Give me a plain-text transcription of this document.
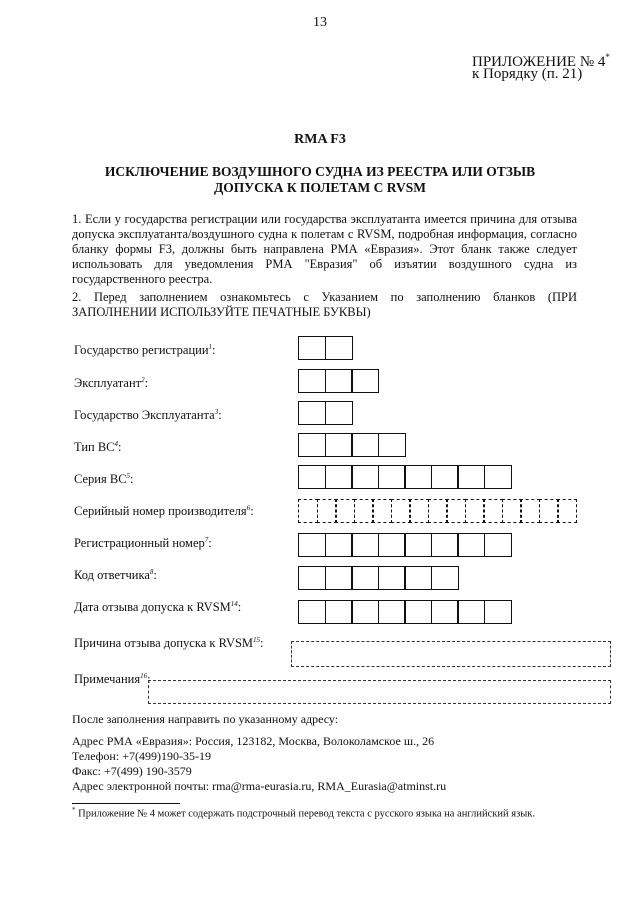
13
ПРИЛОЖЕНИЕ № 4*
к Порядку (п. 21)
RMA F3
ИСКЛЮЧЕНИЕ ВОЗДУШНОГО СУДНА ИЗ РЕЕСТРА ИЛИ ОТЗЫВ
ДОПУСКА К ПОЛЕТАМ С RVSM
1. Если у государства регистрации или государства эксплуатанта имеется причина для отзыва допуска эксплуатанта/воздушного судна к полетам с RVSM, подробная информация, согласно бланку формы F3, должны быть направлена РМА «Евразия». Этот бланк также следует использовать для уведомления РМА "Евразия" об изъятии воздушного судна из государственного реестра.
2. Перед заполнением ознакомьтесь с Указанием по заполнению бланков (ПРИ ЗАПОЛНЕНИИ ИСПОЛЬЗУЙТЕ ПЕЧАТНЫЕ БУКВЫ)
Государство регистрации$^1$:
Эксплуатант$^2$:
Государство Эксплуатанта$^3$:
Тип $ВС^4$:
Серия $ВС^5$:
Серийный номер производителя$^6$:
Регистрационный номер$^7$:
Код ответчика$^8$:
Дата отзыва допуска к RVSM$^{14}$:
Причина отзыва допуска к RVSM$^{15}$:
Примечания$^{16}$:
После заполнения направить по указанному адресу:
Адрес РМА «Евразия»: Россия, 123182, Москва, Волоколамское ш., 26
Телефон: +7(499)190-35-19
Факс: +7(499) 190-3579
Адрес электронной почты: rma@rma-eurasia.ru, RMA_Eurasia@atminst.ru
* Приложение № 4 может содержать подстрочный перевод текста с русского языка на английский язык.
